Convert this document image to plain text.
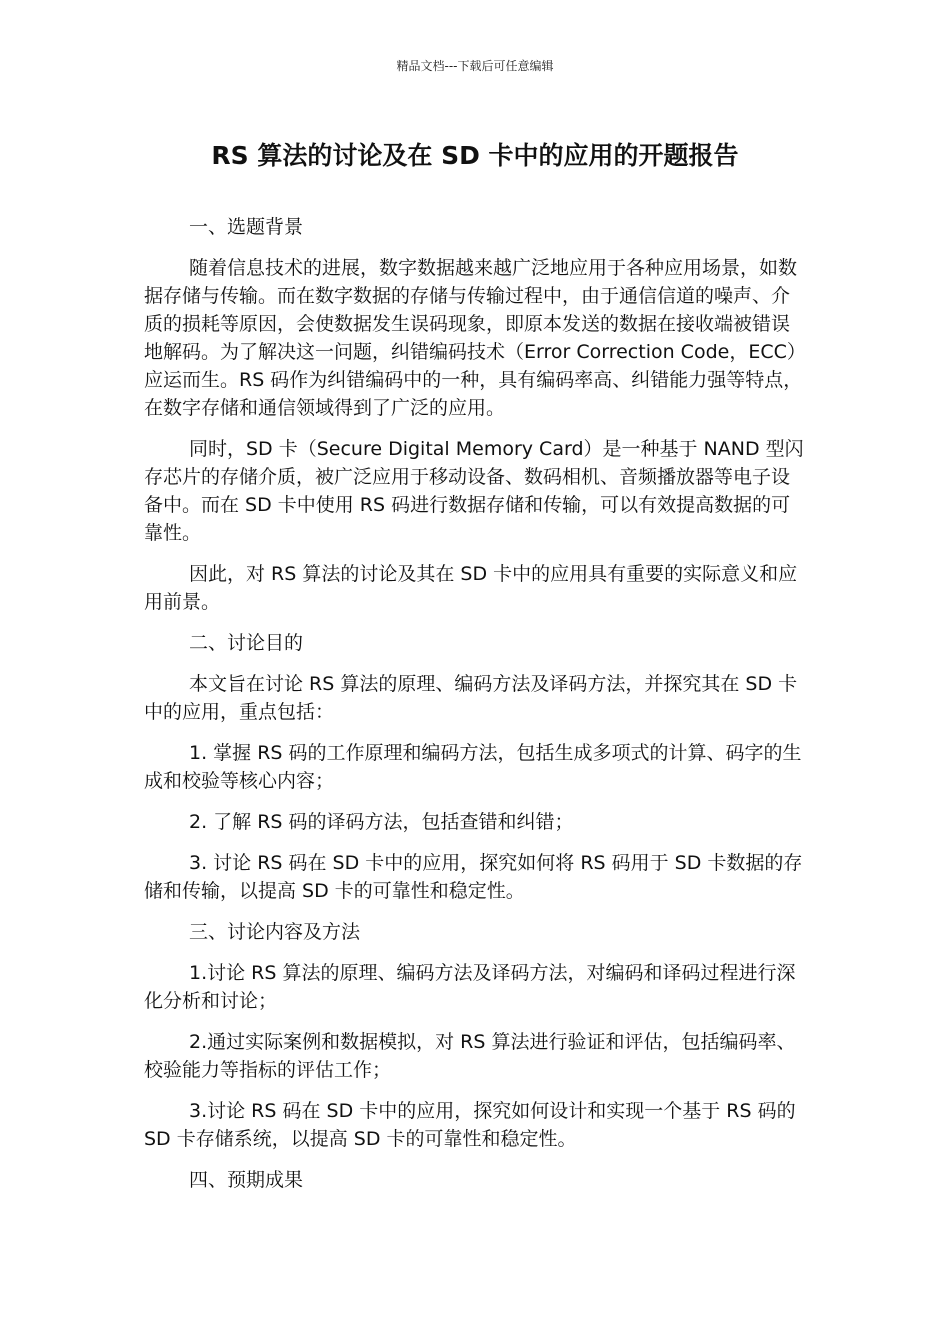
精品文档---下载后可任意编辑
RS 算法的讨论及在 SD 卡中的应用的开题报告

一、选题背景

随着信息技术的进展，数字数据越来越广泛地应用于各种应用场景，如数据存储与传输。而在数字数据的存储与传输过程中，由于通信信道的噪声、介质的损耗等原因，会使数据发生误码现象，即原本发送的数据在接收端被错误地解码。为了解决这一问题，纠错编码技术（Error Correction Code，ECC）应运而生。RS 码作为纠错编码中的一种，具有编码率高、纠错能力强等特点，在数字存储和通信领域得到了广泛的应用。

同时，SD 卡（Secure Digital Memory Card）是一种基于 NAND 型闪存芯片的存储介质，被广泛应用于移动设备、数码相机、音频播放器等电子设备中。而在 SD 卡中使用 RS 码进行数据存储和传输，可以有效提高数据的可靠性。

因此，对 RS 算法的讨论及其在 SD 卡中的应用具有重要的实际意义和应用前景。

二、讨论目的

本文旨在讨论 RS 算法的原理、编码方法及译码方法，并探究其在 SD 卡中的应用，重点包括：

1. 掌握 RS 码的工作原理和编码方法，包括生成多项式的计算、码字的生成和校验等核心内容；

2. 了解 RS 码的译码方法，包括查错和纠错；

3. 讨论 RS 码在 SD 卡中的应用，探究如何将 RS 码用于 SD 卡数据的存储和传输，以提高 SD 卡的可靠性和稳定性。

三、讨论内容及方法

1.讨论 RS 算法的原理、编码方法及译码方法，对编码和译码过程进行深化分析和讨论；

2.通过实际案例和数据模拟，对 RS 算法进行验证和评估，包括编码率、校验能力等指标的评估工作；

3.讨论 RS 码在 SD 卡中的应用，探究如何设计和实现一个基于 RS 码的 SD 卡存储系统，以提高 SD 卡的可靠性和稳定性。

四、预期成果
